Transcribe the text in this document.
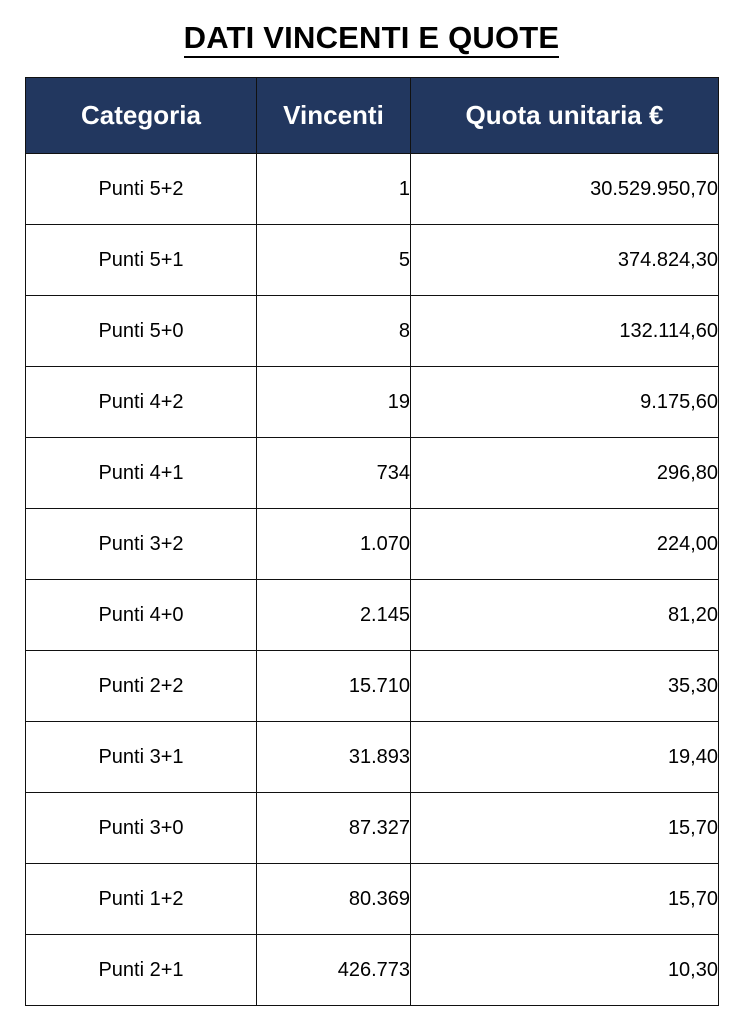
DATI VINCENTI E QUOTE
Categoria	Vincenti	Quota unitaria €
Punti 5+2	1	30.529.950,70
Punti 5+1	5	374.824,30
Punti 5+0	8	132.114,60
Punti 4+2	19	9.175,60
Punti 4+1	734	296,80
Punti 3+2	1.070	224,00
Punti 4+0	2.145	81,20
Punti 2+2	15.710	35,30
Punti 3+1	31.893	19,40
Punti 3+0	87.327	15,70
Punti 1+2	80.369	15,70
Punti 2+1	426.773	10,30
